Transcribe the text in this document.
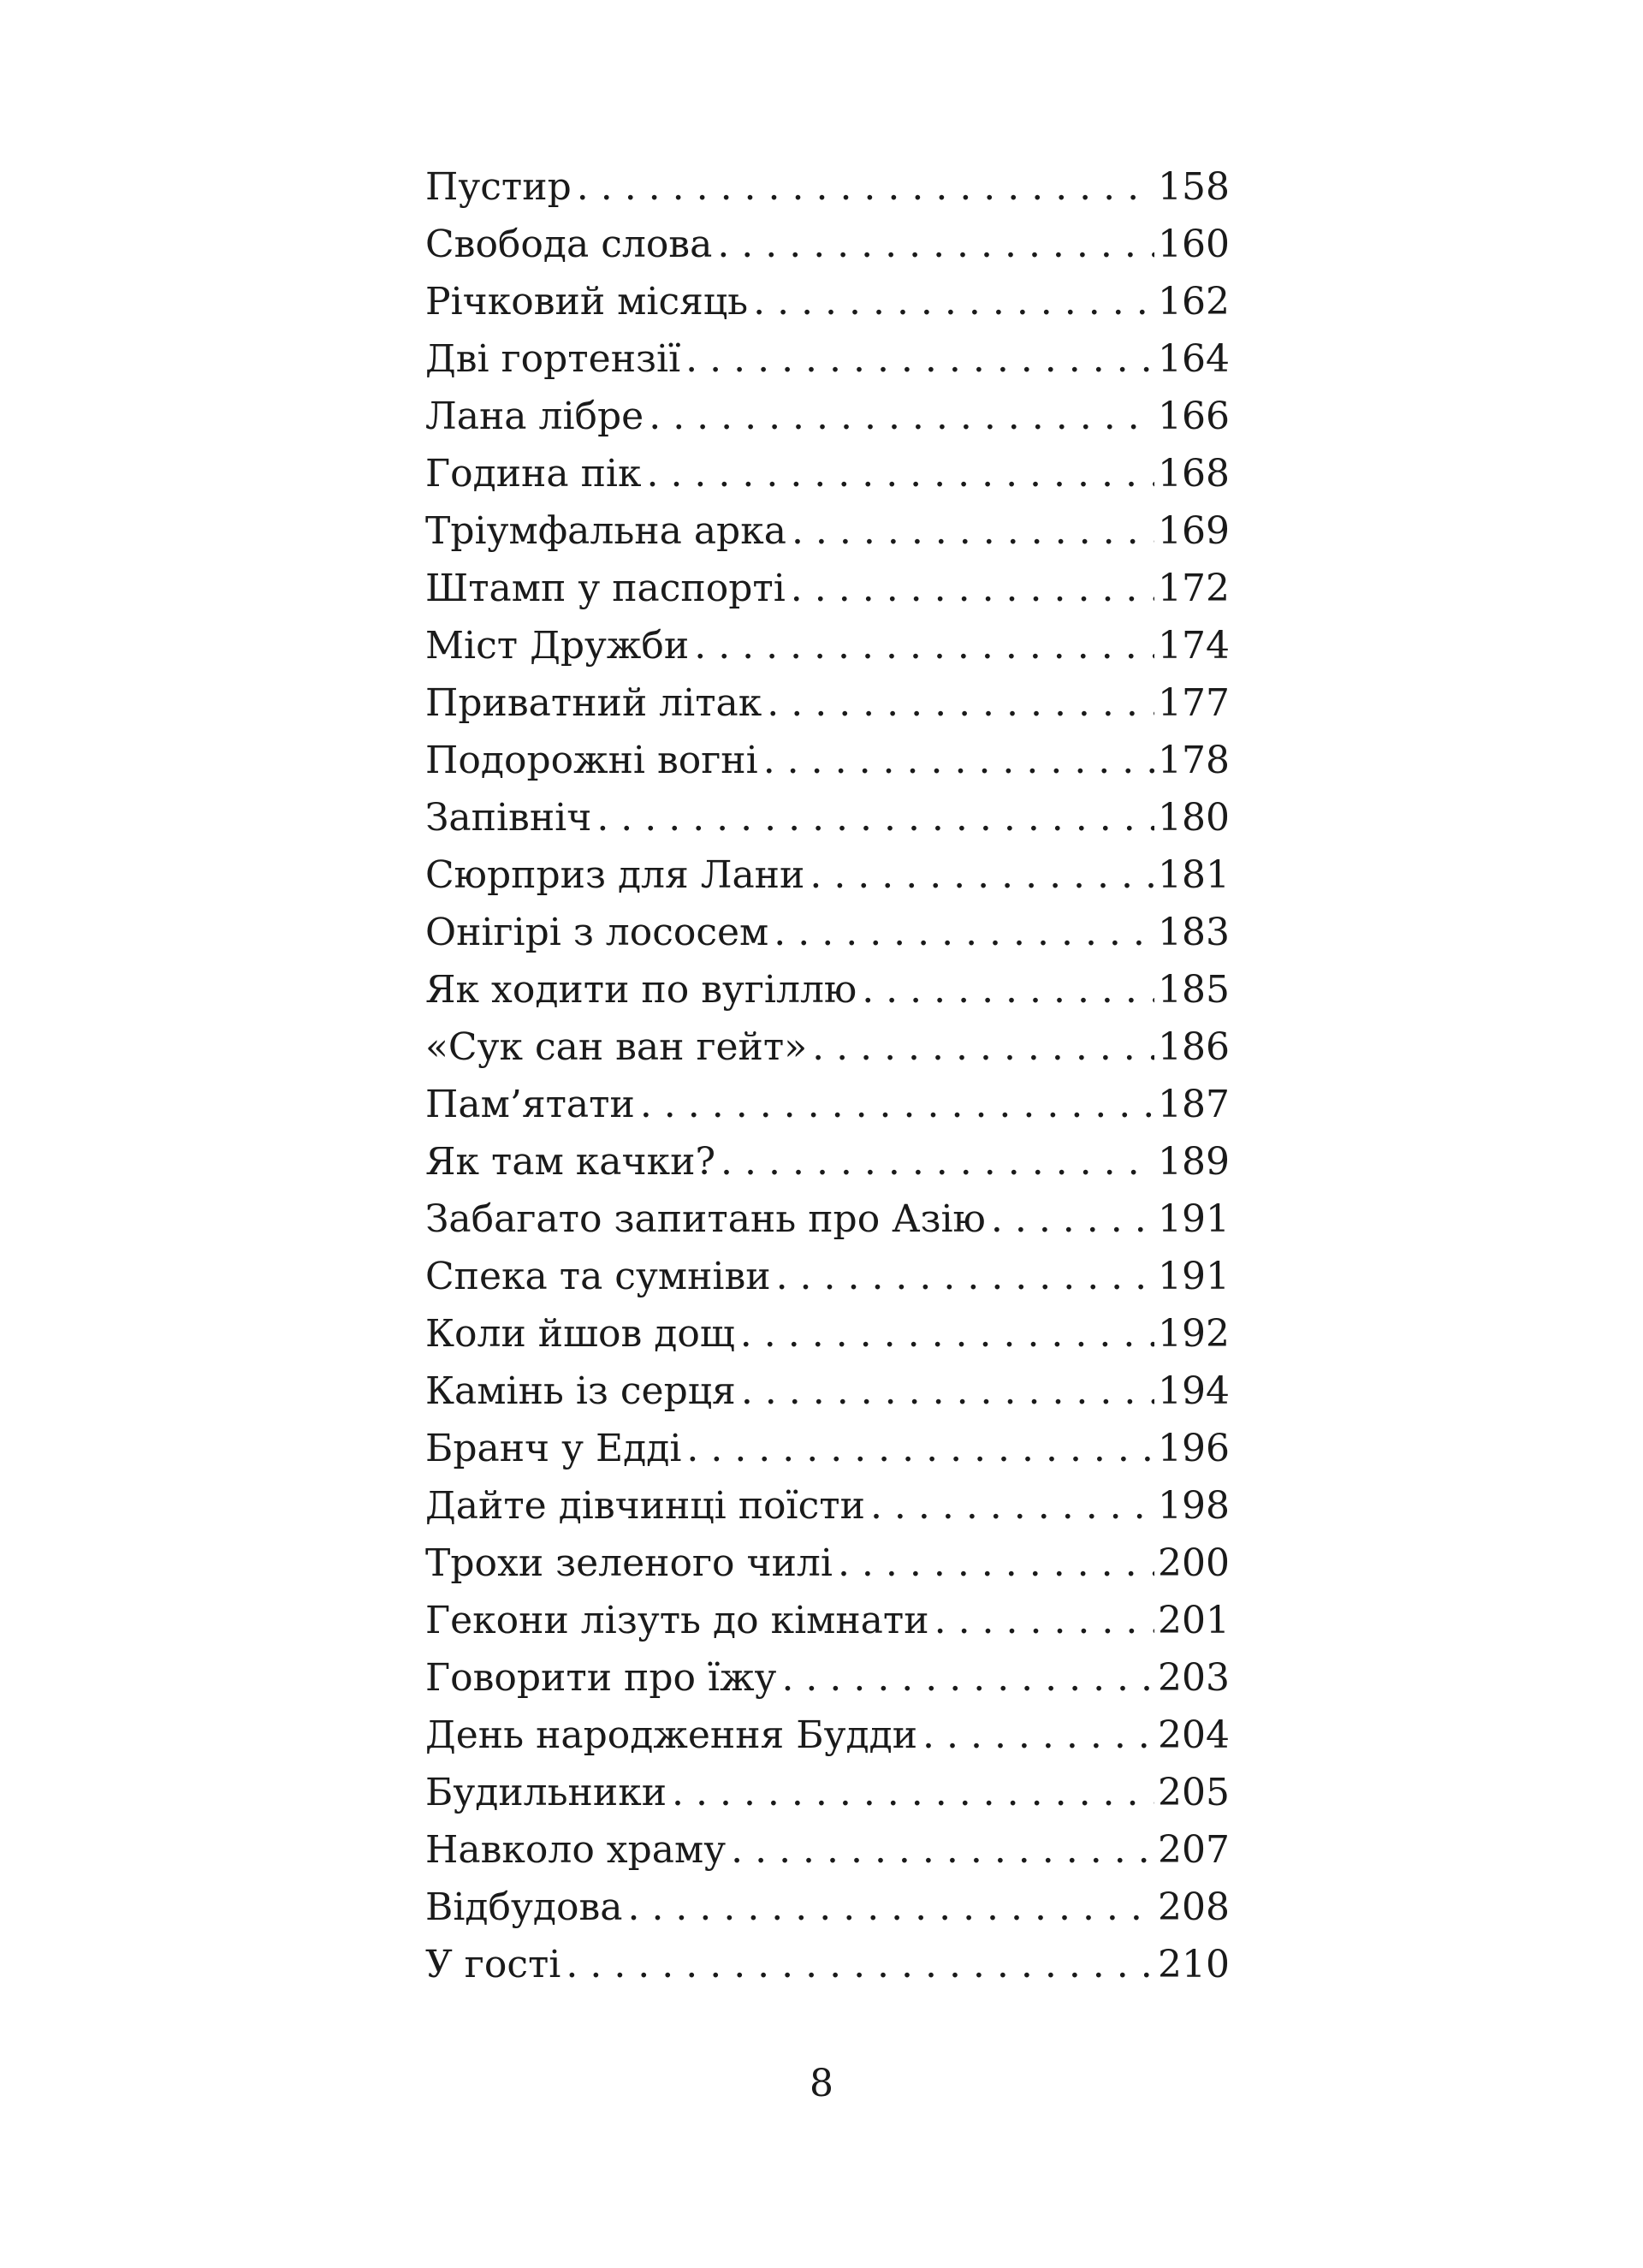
Пустир . . .	158
Свобода слова . . .	160
Річковий місяць . . .	162
Дві гортензії . . .	164
Лана лібре . . .	166
Година пік . . .	168
Тріумфальна арка . . .	169
Штамп у паспорті . . .	172
Міст Дружби . . .	174
Приватний літак . . .	177
Подорожні вогні . . .	178
Запівніч . . .	180
Сюрприз для Лани . . .	181
Онігірі з лососем . . .	183
Як ходити по вугіллю . . .	185
«Сук сан ван гейт» . . .	186
Пам’ятати . . .	187
Як там качки? . . .	189
Забагато запитань про Азію . . .	191
Спека та сумніви . . .	191
Коли йшов дощ . . .	192
Камінь із серця . . .	194
Бранч у Едді . . .	196
Дайте дівчинці поїсти . . .	198
Трохи зеленого чилі . . .	200
Гекони лізуть до кімнати . . .	201
Говорити про їжу . . .	203
День народження Будди . . .	204
Будильники . . .	205
Навколо храму . . .	207
Відбудова . . .	208
У гості . . .	210
8
